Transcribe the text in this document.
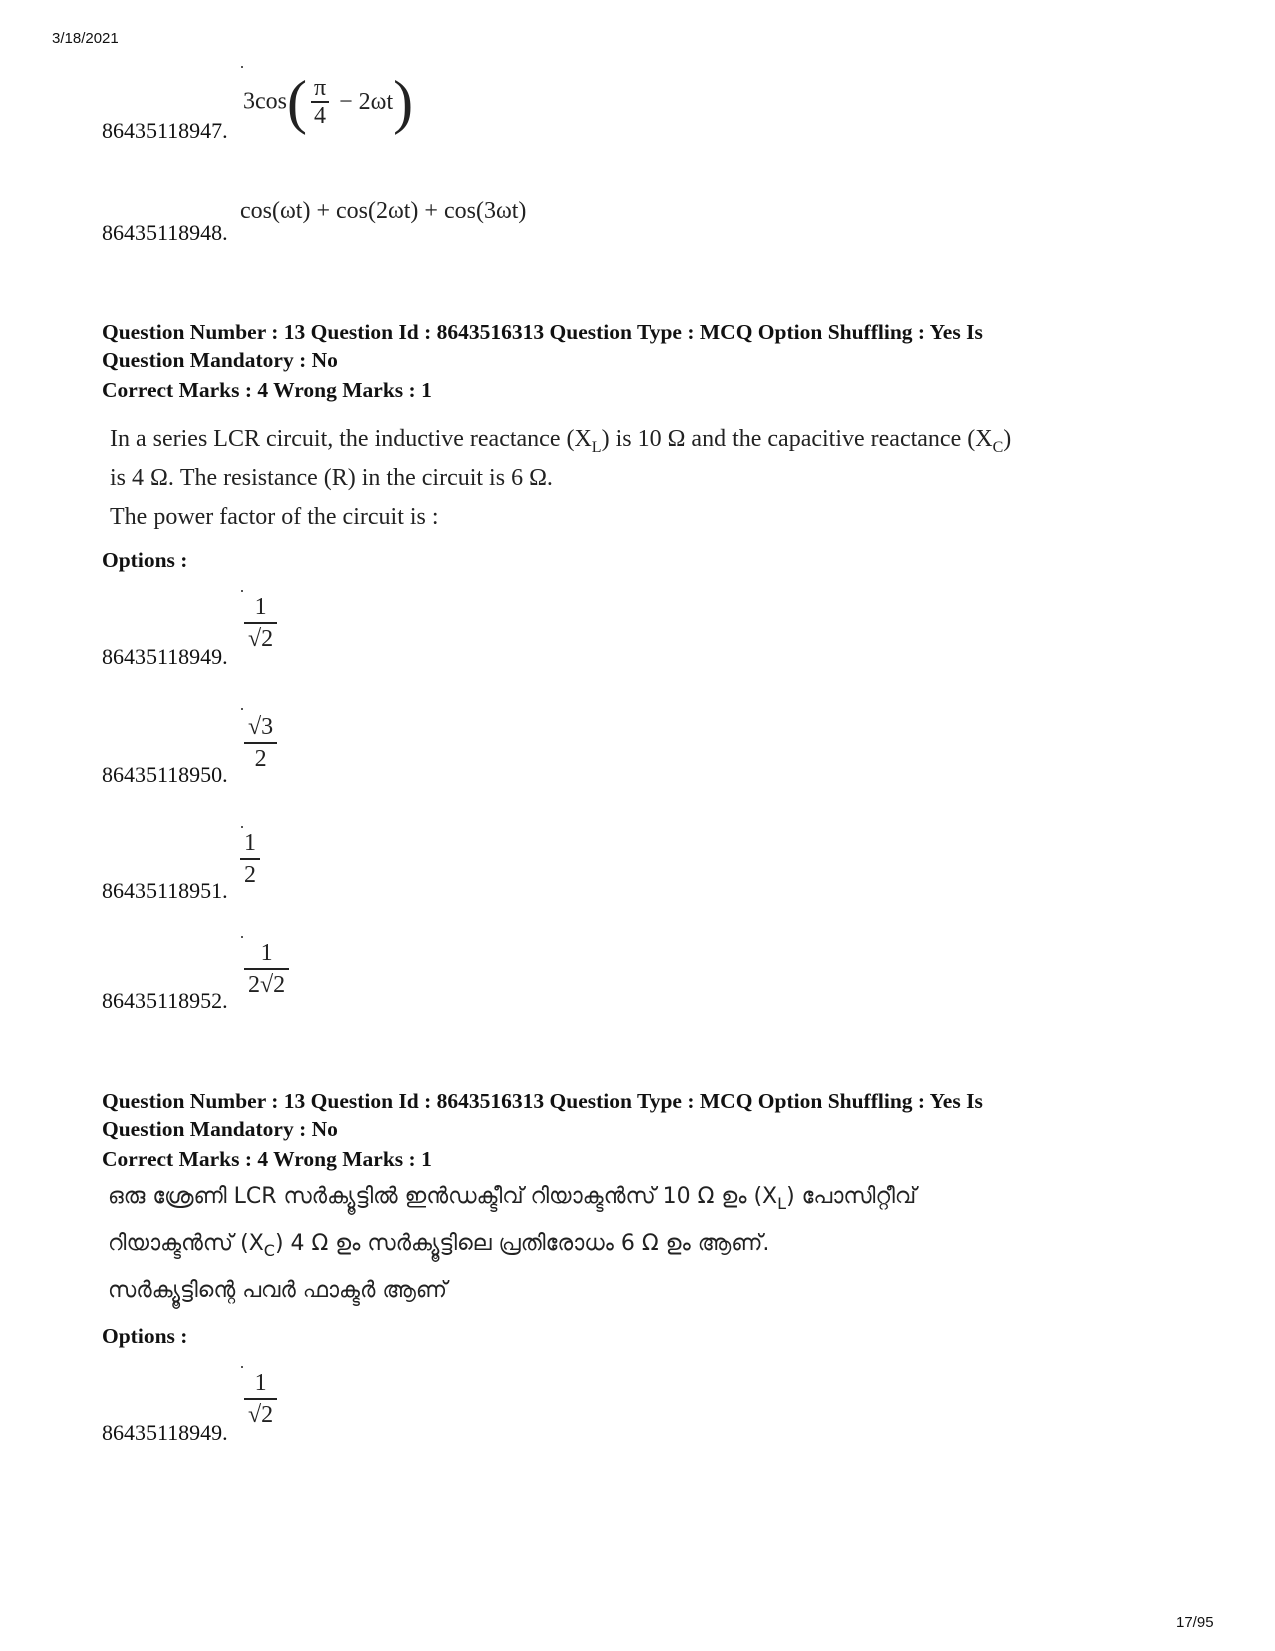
3/18/2021
$3\cos( \frac{\pi}{4} - 2\omega t)$
86435118947.
cos(ωt) + cos(2ωt) + cos(3ωt)
86435118948.
Question Number : 13 Question Id : 8643516313 Question Type : MCQ Option Shuffling : Yes Is
Question Mandatory : No
Correct Marks : 4 Wrong Marks : 1
In a series LCR circuit, the inductive reactance $(X_L)$ is 10 Ω and the capacitive reactance $(X_C)$
is 4 Ω. The resistance (R) in the circuit is 6 Ω.
The power factor of the circuit is :
Options :
$\frac{1}{√2}$
86435118949.
$\frac{√3}{2}$
86435118950.
$\frac{1}{2}$
86435118951.
$\frac{1}{2√2}$
86435118952.
Question Number : 13 Question Id : 8643516313 Question Type : MCQ Option Shuffling : Yes Is
Question Mandatory : No
Correct Marks : 4 Wrong Marks : 1
ഒരു ശ്രേണി LCR സർക്യൂട്ടിൽ ഇൻഡക്ടീവ് റിയാക്ടൻസ് 10 Ω ഉം $(X_L)$ പോസിറ്റീവ്
റിയാക്ടൻസ് $(X_C)$ 4 Ω ഉം സർക്യൂട്ടിലെ പ്രതിരോധം 6 Ω ഉം ആണ്.
സർക്യൂട്ടിന്റെ പവർ ഫാക്ടർ ആണ്
Options :
$\frac{1}{√2}$
86435118949.
17/95
